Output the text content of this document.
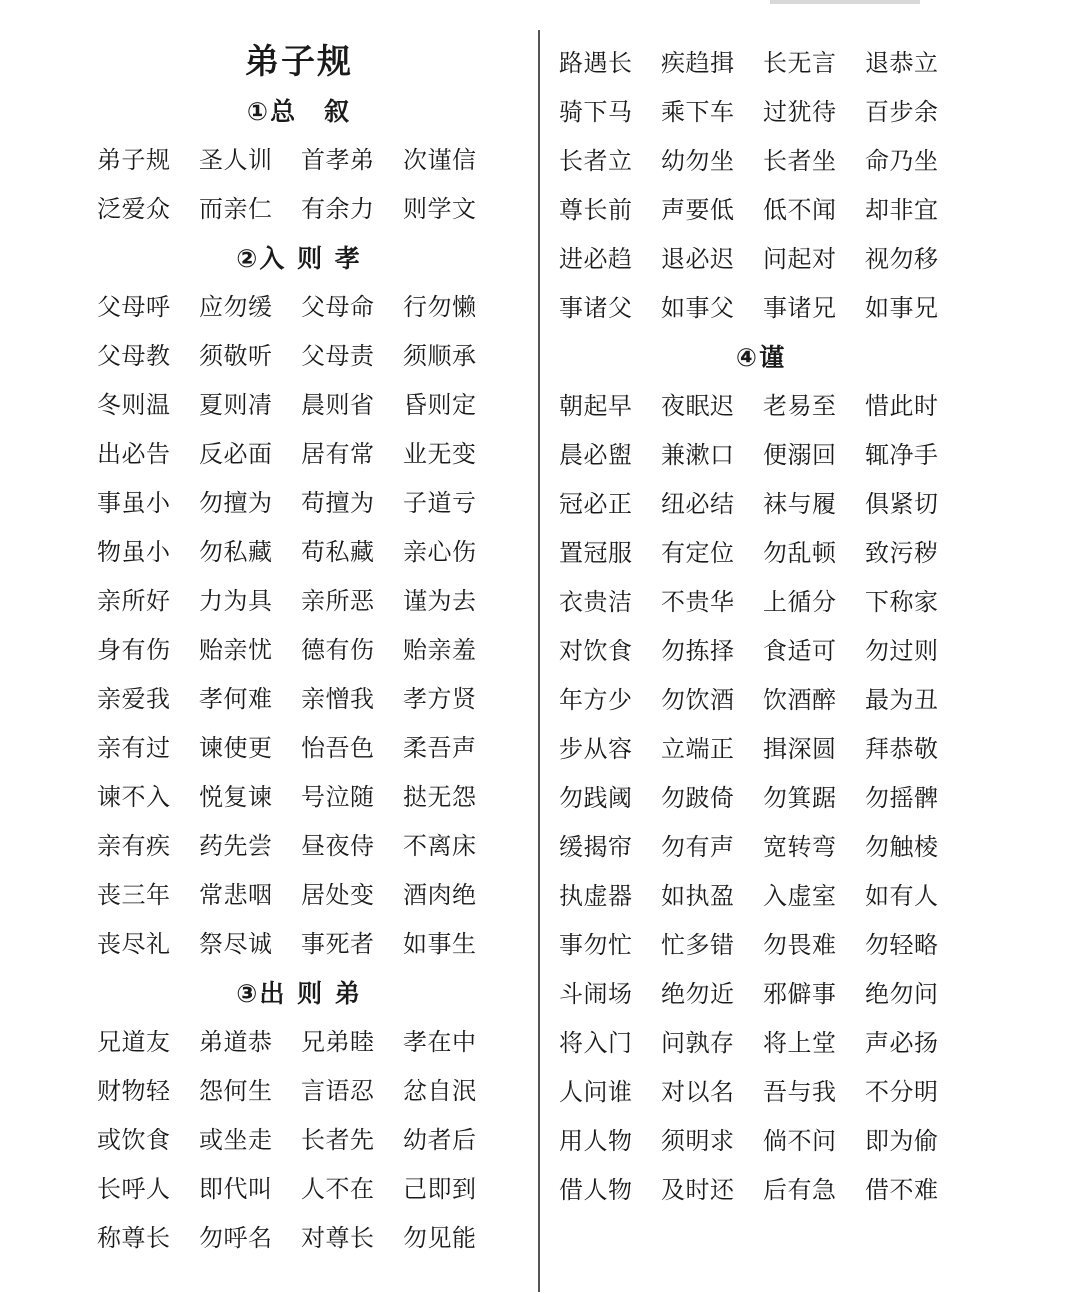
弟子规
①总　叙
弟子规	圣人训	首孝弟	次谨信
泛爱众	而亲仁	有余力	则学文
②入 则 孝
父母呼	应勿缓	父母命	行勿懒
父母教	须敬听	父母责	须顺承
冬则温	夏则凊	晨则省	昏则定
出必告	反必面	居有常	业无变
事虽小	勿擅为	苟擅为	子道亏
物虽小	勿私藏	苟私藏	亲心伤
亲所好	力为具	亲所恶	谨为去
身有伤	贻亲忧	德有伤	贻亲羞
亲爱我	孝何难	亲憎我	孝方贤
亲有过	谏使更	怡吾色	柔吾声
谏不入	悦复谏	号泣随	挞无怨
亲有疾	药先尝	昼夜侍	不离床
丧三年	常悲咽	居处变	酒肉绝
丧尽礼	祭尽诚	事死者	如事生
③出 则 弟
兄道友	弟道恭	兄弟睦	孝在中
财物轻	怨何生	言语忍	忿自泯
或饮食	或坐走	长者先	幼者后
长呼人	即代叫	人不在	己即到
称尊长	勿呼名	对尊长	勿见能
路遇长	疾趋揖	长无言	退恭立
骑下马	乘下车	过犹待	百步余
长者立	幼勿坐	长者坐	命乃坐
尊长前	声要低	低不闻	却非宜
进必趋	退必迟	问起对	视勿移
事诸父	如事父	事诸兄	如事兄
④谨
朝起早	夜眠迟	老易至	惜此时
晨必盥	兼漱口	便溺回	辄净手
冠必正	纽必结	袜与履	俱紧切
置冠服	有定位	勿乱顿	致污秽
衣贵洁	不贵华	上循分	下称家
对饮食	勿拣择	食适可	勿过则
年方少	勿饮酒	饮酒醉	最为丑
步从容	立端正	揖深圆	拜恭敬
勿践阈	勿跛倚	勿箕踞	勿摇髀
缓揭帘	勿有声	宽转弯	勿触棱
执虚器	如执盈	入虚室	如有人
事勿忙	忙多错	勿畏难	勿轻略
斗闹场	绝勿近	邪僻事	绝勿问
将入门	问孰存	将上堂	声必扬
人问谁	对以名	吾与我	不分明
用人物	须明求	倘不问	即为偷
借人物	及时还	后有急	借不难
